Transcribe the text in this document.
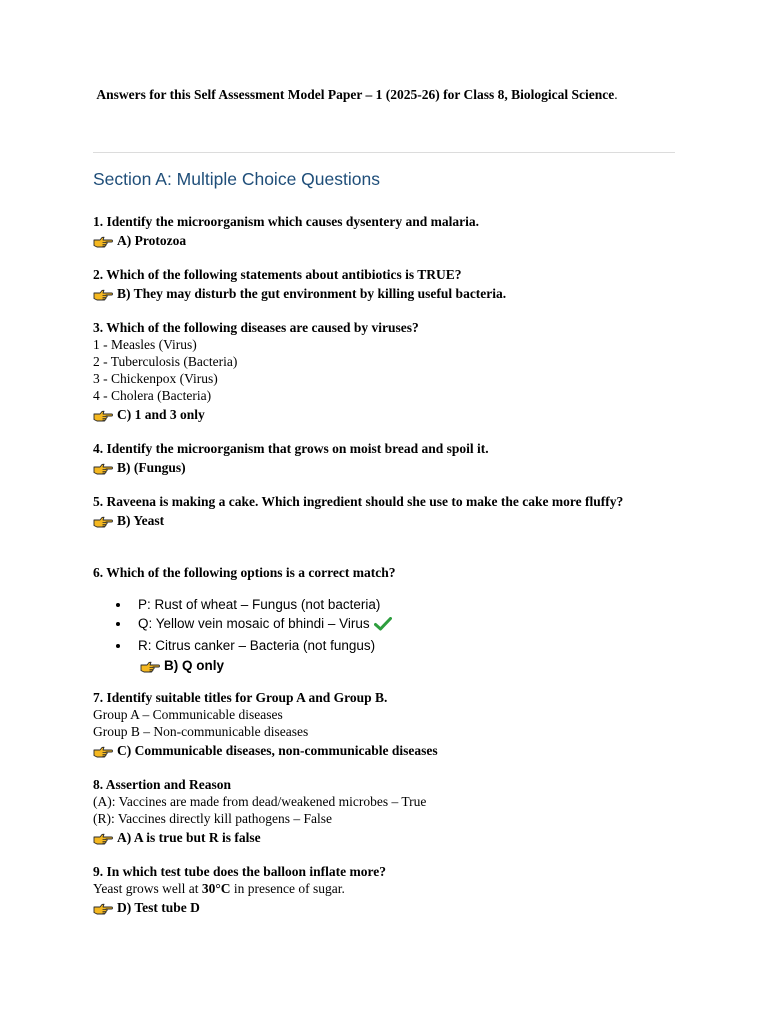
Answers for this Self Assessment Model Paper – 1 (2025-26) for Class 8, Biological Science.
Section A: Multiple Choice Questions
1. Identify the microorganism which causes dysentery and malaria.
A) Protozoa
2. Which of the following statements about antibiotics is TRUE?
B) They may disturb the gut environment by killing useful bacteria.
3. Which of the following diseases are caused by viruses?
1 - Measles (Virus)
2 - Tuberculosis (Bacteria)
3 - Chickenpox (Virus)
4 - Cholera (Bacteria)
C) 1 and 3 only
4. Identify the microorganism that grows on moist bread and spoil it.
B) (Fungus)
5. Raveena is making a cake. Which ingredient should she use to make the cake more fluffy?
B) Yeast
6. Which of the following options is a correct match?
P: Rust of wheat – Fungus (not bacteria)
Q: Yellow vein mosaic of bhindi – Virus
R: Citrus canker – Bacteria (not fungus)
B) Q only
7. Identify suitable titles for Group A and Group B.
Group A – Communicable diseases
Group B – Non-communicable diseases
C) Communicable diseases, non-communicable diseases
8. Assertion and Reason
(A): Vaccines are made from dead/weakened microbes – True
(R): Vaccines directly kill pathogens – False
A) A is true but R is false
9. In which test tube does the balloon inflate more?
Yeast grows well at 30°C in presence of sugar.
D) Test tube D
